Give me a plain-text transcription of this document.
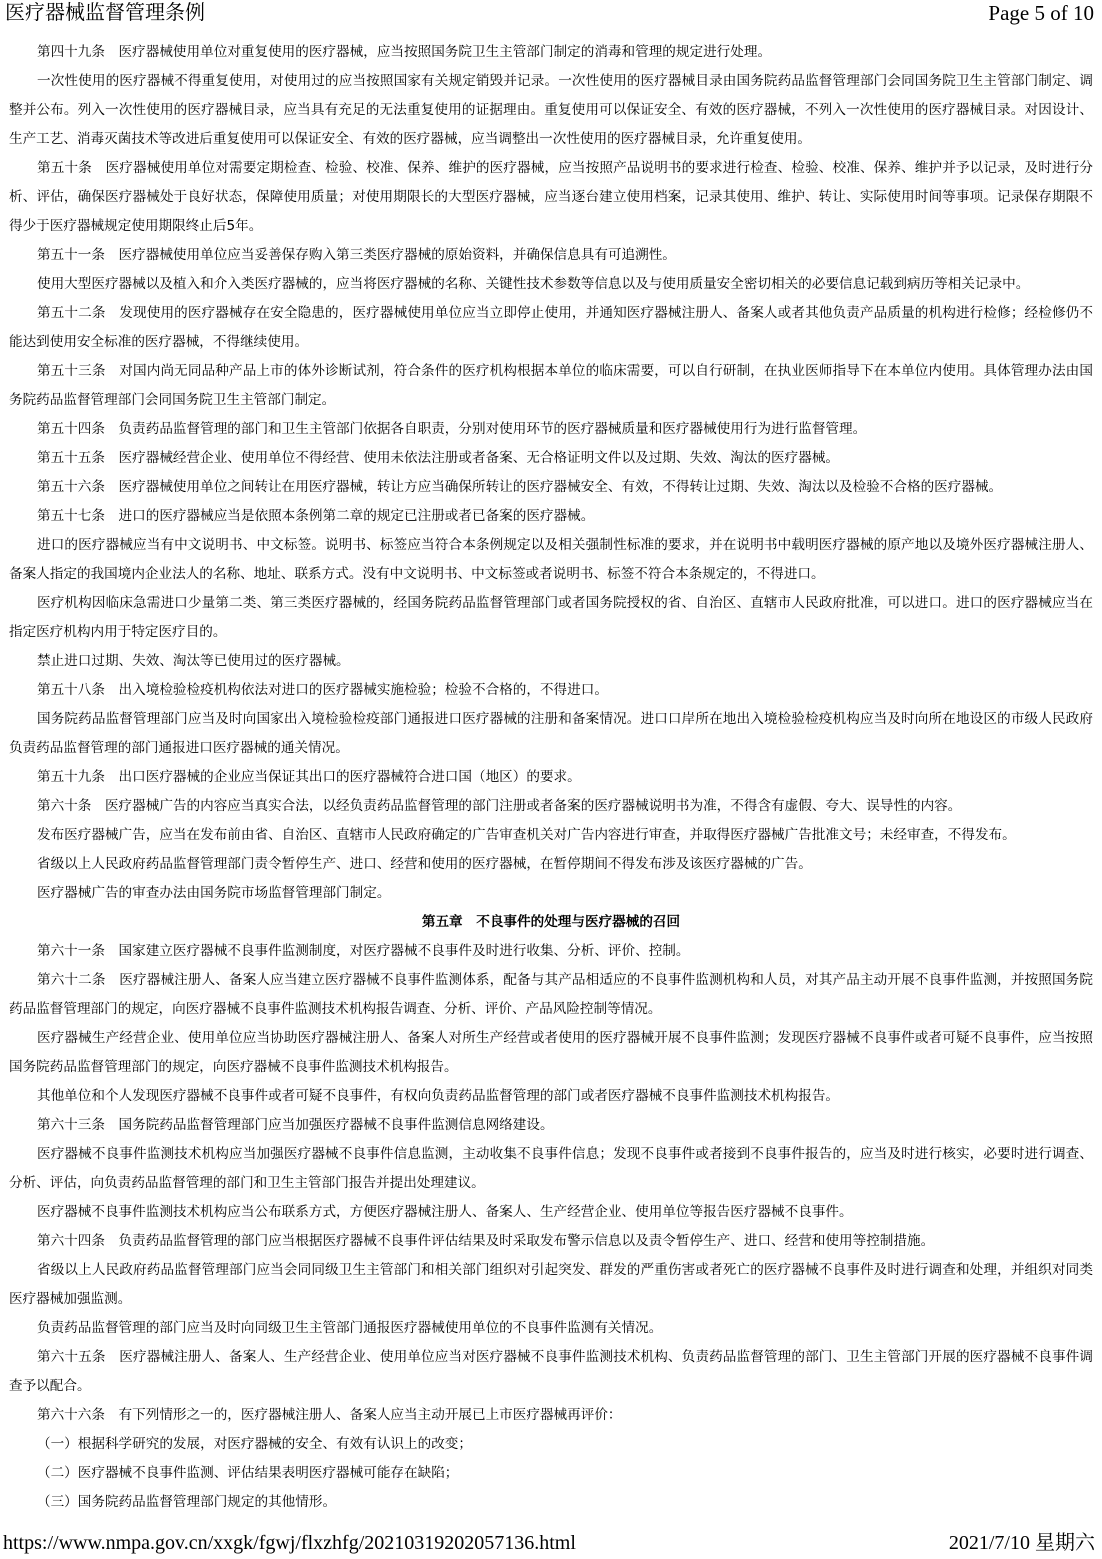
医疗器械监督管理条例	Page 5 of 10

第四十九条　医疗器械使用单位对重复使用的医疗器械，应当按照国务院卫生主管部门制定的消毒和管理的规定进行处理。

一次性使用的医疗器械不得重复使用，对使用过的应当按照国家有关规定销毁并记录。一次性使用的医疗器械目录由国务院药品监督管理部门会同国务院卫生主管部门制定、调整并公布。列入一次性使用的医疗器械目录，应当具有充足的无法重复使用的证据理由。重复使用可以保证安全、有效的医疗器械，不列入一次性使用的医疗器械目录。对因设计、生产工艺、消毒灭菌技术等改进后重复使用可以保证安全、有效的医疗器械，应当调整出一次性使用的医疗器械目录，允许重复使用。

第五十条　医疗器械使用单位对需要定期检查、检验、校准、保养、维护的医疗器械，应当按照产品说明书的要求进行检查、检验、校准、保养、维护并予以记录，及时进行分析、评估，确保医疗器械处于良好状态，保障使用质量；对使用期限长的大型医疗器械，应当逐台建立使用档案，记录其使用、维护、转让、实际使用时间等事项。记录保存期限不得少于医疗器械规定使用期限终止后5年。

第五十一条　医疗器械使用单位应当妥善保存购入第三类医疗器械的原始资料，并确保信息具有可追溯性。

使用大型医疗器械以及植入和介入类医疗器械的，应当将医疗器械的名称、关键性技术参数等信息以及与使用质量安全密切相关的必要信息记载到病历等相关记录中。

第五十二条　发现使用的医疗器械存在安全隐患的，医疗器械使用单位应当立即停止使用，并通知医疗器械注册人、备案人或者其他负责产品质量的机构进行检修；经检修仍不能达到使用安全标准的医疗器械，不得继续使用。

第五十三条　对国内尚无同品种产品上市的体外诊断试剂，符合条件的医疗机构根据本单位的临床需要，可以自行研制，在执业医师指导下在本单位内使用。具体管理办法由国务院药品监督管理部门会同国务院卫生主管部门制定。

第五十四条　负责药品监督管理的部门和卫生主管部门依据各自职责，分别对使用环节的医疗器械质量和医疗器械使用行为进行监督管理。

第五十五条　医疗器械经营企业、使用单位不得经营、使用未依法注册或者备案、无合格证明文件以及过期、失效、淘汰的医疗器械。

第五十六条　医疗器械使用单位之间转让在用医疗器械，转让方应当确保所转让的医疗器械安全、有效，不得转让过期、失效、淘汰以及检验不合格的医疗器械。

第五十七条　进口的医疗器械应当是依照本条例第二章的规定已注册或者已备案的医疗器械。

进口的医疗器械应当有中文说明书、中文标签。说明书、标签应当符合本条例规定以及相关强制性标准的要求，并在说明书中载明医疗器械的原产地以及境外医疗器械注册人、备案人指定的我国境内企业法人的名称、地址、联系方式。没有中文说明书、中文标签或者说明书、标签不符合本条规定的，不得进口。

医疗机构因临床急需进口少量第二类、第三类医疗器械的，经国务院药品监督管理部门或者国务院授权的省、自治区、直辖市人民政府批准，可以进口。进口的医疗器械应当在指定医疗机构内用于特定医疗目的。

禁止进口过期、失效、淘汰等已使用过的医疗器械。

第五十八条　出入境检验检疫机构依法对进口的医疗器械实施检验；检验不合格的，不得进口。

国务院药品监督管理部门应当及时向国家出入境检验检疫部门通报进口医疗器械的注册和备案情况。进口口岸所在地出入境检验检疫机构应当及时向所在地设区的市级人民政府负责药品监督管理的部门通报进口医疗器械的通关情况。

第五十九条　出口医疗器械的企业应当保证其出口的医疗器械符合进口国（地区）的要求。

第六十条　医疗器械广告的内容应当真实合法，以经负责药品监督管理的部门注册或者备案的医疗器械说明书为准，不得含有虚假、夸大、误导性的内容。

发布医疗器械广告，应当在发布前由省、自治区、直辖市人民政府确定的广告审查机关对广告内容进行审查，并取得医疗器械广告批准文号；未经审查，不得发布。

省级以上人民政府药品监督管理部门责令暂停生产、进口、经营和使用的医疗器械，在暂停期间不得发布涉及该医疗器械的广告。

医疗器械广告的审查办法由国务院市场监督管理部门制定。

第五章　不良事件的处理与医疗器械的召回

第六十一条　国家建立医疗器械不良事件监测制度，对医疗器械不良事件及时进行收集、分析、评价、控制。

第六十二条　医疗器械注册人、备案人应当建立医疗器械不良事件监测体系，配备与其产品相适应的不良事件监测机构和人员，对其产品主动开展不良事件监测，并按照国务院药品监督管理部门的规定，向医疗器械不良事件监测技术机构报告调查、分析、评价、产品风险控制等情况。

医疗器械生产经营企业、使用单位应当协助医疗器械注册人、备案人对所生产经营或者使用的医疗器械开展不良事件监测；发现医疗器械不良事件或者可疑不良事件，应当按照国务院药品监督管理部门的规定，向医疗器械不良事件监测技术机构报告。

其他单位和个人发现医疗器械不良事件或者可疑不良事件，有权向负责药品监督管理的部门或者医疗器械不良事件监测技术机构报告。

第六十三条　国务院药品监督管理部门应当加强医疗器械不良事件监测信息网络建设。

医疗器械不良事件监测技术机构应当加强医疗器械不良事件信息监测，主动收集不良事件信息；发现不良事件或者接到不良事件报告的，应当及时进行核实，必要时进行调查、分析、评估，向负责药品监督管理的部门和卫生主管部门报告并提出处理建议。

医疗器械不良事件监测技术机构应当公布联系方式，方便医疗器械注册人、备案人、生产经营企业、使用单位等报告医疗器械不良事件。

第六十四条　负责药品监督管理的部门应当根据医疗器械不良事件评估结果及时采取发布警示信息以及责令暂停生产、进口、经营和使用等控制措施。

省级以上人民政府药品监督管理部门应当会同同级卫生主管部门和相关部门组织对引起突发、群发的严重伤害或者死亡的医疗器械不良事件及时进行调查和处理，并组织对同类医疗器械加强监测。

负责药品监督管理的部门应当及时向同级卫生主管部门通报医疗器械使用单位的不良事件监测有关情况。

第六十五条　医疗器械注册人、备案人、生产经营企业、使用单位应当对医疗器械不良事件监测技术机构、负责药品监督管理的部门、卫生主管部门开展的医疗器械不良事件调查予以配合。

第六十六条　有下列情形之一的，医疗器械注册人、备案人应当主动开展已上市医疗器械再评价：

（一）根据科学研究的发展，对医疗器械的安全、有效有认识上的改变；

（二）医疗器械不良事件监测、评估结果表明医疗器械可能存在缺陷；

（三）国务院药品监督管理部门规定的其他情形。

https://www.nmpa.gov.cn/xxgk/fgwj/flxzhfg/20210319202057136.html	2021/7/10 星期六
